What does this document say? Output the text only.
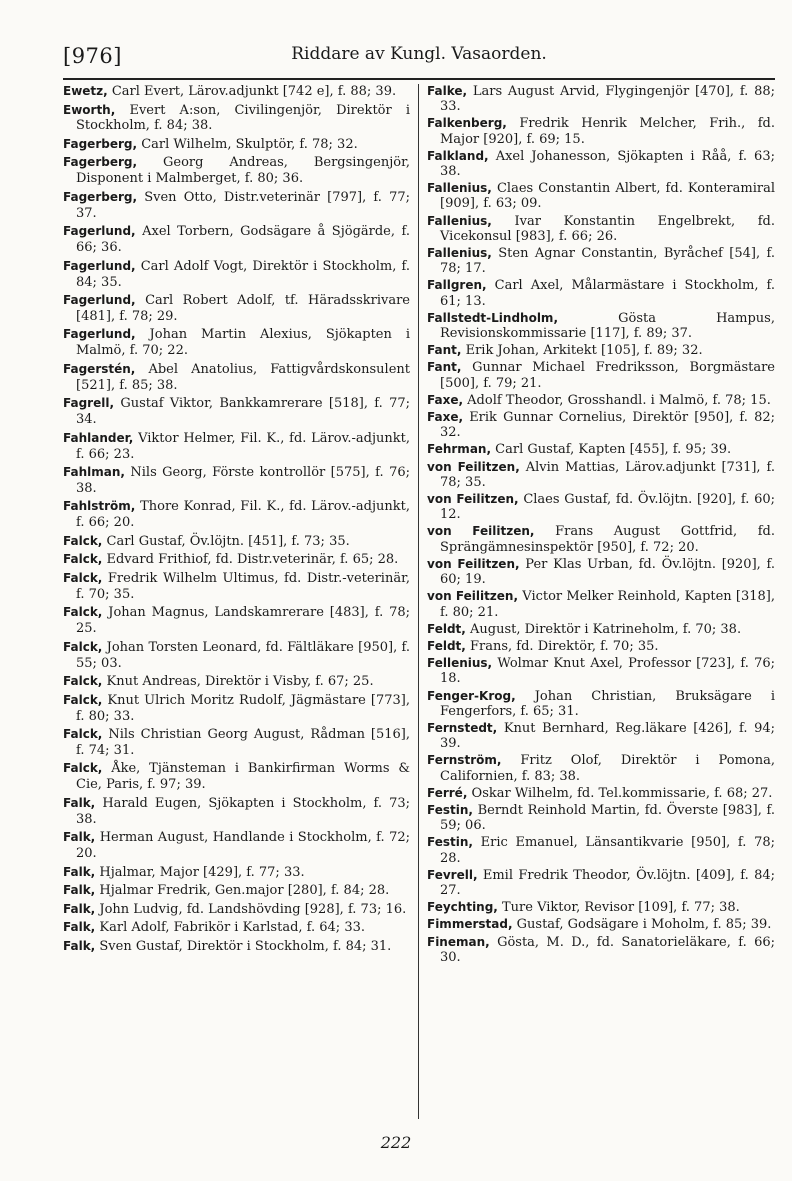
[976]	Riddare av Kungl. Vasaorden.

Ewetz, Carl Evert, Lärov.adjunkt [742 e], f. 88; 39.

Eworth, Evert A:son, Civilingenjör, Direktör i Stockholm, f. 84; 38.

Fagerberg, Carl Wilhelm, Skulptör, f. 78; 32.

Fagerberg, Georg Andreas, Bergsingenjör, Disponent i Malmberget, f. 80; 36.

Fagerberg, Sven Otto, Distr.veterinär [797], f. 77; 37.

Fagerlund, Axel Torbern, Godsägare å Sjögärde, f. 66; 36.

Fagerlund, Carl Adolf Vogt, Direktör i Stockholm, f. 84; 35.

Fagerlund, Carl Robert Adolf, tf. Häradsskrivare [481], f. 78; 29.

Fagerlund, Johan Martin Alexius, Sjökapten i Malmö, f. 70; 22.

Fagerstén, Abel Anatolius, Fattigvårdskonsulent [521], f. 85; 38.

Fagrell, Gustaf Viktor, Bankkamrerare [518], f. 77; 34.

Fahlander, Viktor Helmer, Fil. K., fd. Lärov.-adjunkt, f. 66; 23.

Fahlman, Nils Georg, Förste kontrollör [575], f. 76; 38.

Fahlström, Thore Konrad, Fil. K., fd. Lärov.-adjunkt, f. 66; 20.

Falck, Carl Gustaf, Öv.löjtn. [451], f. 73; 35.

Falck, Edvard Frithiof, fd. Distr.veterinär, f. 65; 28.

Falck, Fredrik Wilhelm Ultimus, fd. Distr.-veterinär, f. 70; 35.

Falck, Johan Magnus, Landskamrerare [483], f. 78; 25.

Falck, Johan Torsten Leonard, fd. Fältläkare [950], f. 55; 03.

Falck, Knut Andreas, Direktör i Visby, f. 67; 25.

Falck, Knut Ulrich Moritz Rudolf, Jägmästare [773], f. 80; 33.

Falck, Nils Christian Georg August, Rådman [516], f. 74; 31.

Falck, Åke, Tjänsteman i Bankirfirman Worms & Cie, Paris, f. 97; 39.

Falk, Harald Eugen, Sjökapten i Stockholm, f. 73; 38.

Falk, Herman August, Handlande i Stockholm, f. 72; 20.

Falk, Hjalmar, Major [429], f. 77; 33.

Falk, Hjalmar Fredrik, Gen.major [280], f. 84; 28.

Falk, John Ludvig, fd. Landshövding [928], f. 73; 16.

Falk, Karl Adolf, Fabrikör i Karlstad, f. 64; 33.

Falk, Sven Gustaf, Direktör i Stockholm, f. 84; 31.

Falke, Lars August Arvid, Flygingenjör [470], f. 88; 33.

Falkenberg, Fredrik Henrik Melcher, Frih., fd. Major [920], f. 69; 15.

Falkland, Axel Johanesson, Sjökapten i Råå, f. 63; 38.

Fallenius, Claes Constantin Albert, fd. Konteramiral [909], f. 63; 09.

Fallenius, Ivar Konstantin Engelbrekt, fd. Vicekonsul [983], f. 66; 26.

Fallenius, Sten Agnar Constantin, Byråchef [54], f. 78; 17.

Fallgren, Carl Axel, Målarmästare i Stockholm, f. 61; 13.

Fallstedt-Lindholm,	Gösta Hampus, Revisionskommissarie [117], f. 89; 37.

Fant, Erik Johan, Arkitekt [105], f. 89; 32.

Fant, Gunnar Michael Fredriksson, Borgmästare [500], f. 79; 21.

Faxe, Adolf Theodor, Grosshandl. i Malmö, f. 78; 15.

Faxe, Erik Gunnar Cornelius, Direktör [950], f. 82; 32.

Fehrman, Carl Gustaf, Kapten [455], f. 95; 39.

von Feilitzen, Alvin Mattias, Lärov.adjunkt [731], f. 78; 35.

von Feilitzen, Claes Gustaf, fd. Öv.löjtn. [920], f. 60; 12.

von Feilitzen, Frans August Gottfrid, fd. Sprängämnesinspektör [950], f. 72; 20.

von Feilitzen, Per Klas Urban, fd. Öv.löjtn. [920], f. 60; 19.

von Feilitzen, Victor Melker Reinhold, Kapten [318], f. 80; 21.

Feldt, August, Direktör i Katrineholm, f. 70; 38.

Feldt, Frans, fd. Direktör, f. 70; 35.

Fellenius, Wolmar Knut Axel, Professor [723], f. 76; 18.

Fenger-Krog, Johan Christian, Bruksägare i Fengerfors, f. 65; 31.

Fernstedt, Knut Bernhard, Reg.läkare [426], f. 94; 39.

Fernström, Fritz Olof, Direktör i Pomona, Californien, f. 83; 38.

Ferré, Oskar Wilhelm, fd. Tel.kommissarie, f. 68; 27.

Festin, Berndt Reinhold Martin, fd. Överste [983], f. 59; 06.

Festin, Eric Emanuel, Länsantikvarie [950], f. 78; 28.

Fevrell, Emil Fredrik Theodor, Öv.löjtn. [409], f. 84; 27.

Feychting, Ture Viktor, Revisor [109], f. 77; 38.

Fimmerstad, Gustaf, Godsägare i Moholm, f. 85; 39.

Fineman, Gösta, M. D., fd. Sanatorieläkare, f. 66; 30.

222
